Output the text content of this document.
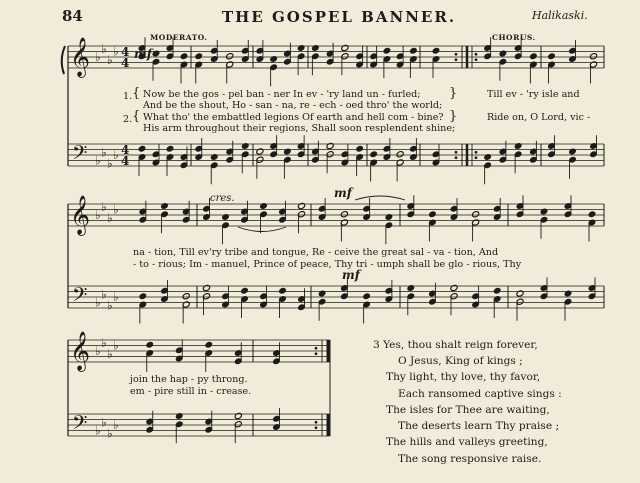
𝄞
𝄢
♭
♭
♭
♭
♭
♭
♭
♭
4
4
4
4
𝄞
𝄢
♭
♭
♭
♭
♭
♭
♭
♭
𝄞
𝄢
♭
♭
♭
♭
♭
♭
♭
♭
84	THE GOSPEL BANNER.	Halikaski.
MODERATO.	CHORUS.
mf
cres.	mf
mf
1.
2.
{
{
}
}
Now be the gos - pel ban - ner In ev - 'ry land un - furled;
And be the shout, Ho - san - na, re - ech - oed thro' the world;
What tho' the embattled legions Of earth and hell com - bine?
His arm throughout their regions, Shall soon resplendent shine;
Till ev - 'ry isle and
Ride on, O Lord, vic -
na - tion, Till ev'ry tribe and tongue, Re - ceive the great sal - va - tion, And
- to - rious; Im - manuel, Prince of peace, Thy tri - umph shall be glo - rious, Thy
join the hap - py throng.
em - pire still in - crease.
3 Yes, thou shalt reign forever,
O Jesus, King of kings ;
Thy light, thy love, thy favor,
Each ransomed captive sings :
The isles for Thee are waiting,
The deserts learn Thy praise ;
The hills and valleys greeting,
The song responsive raise.
